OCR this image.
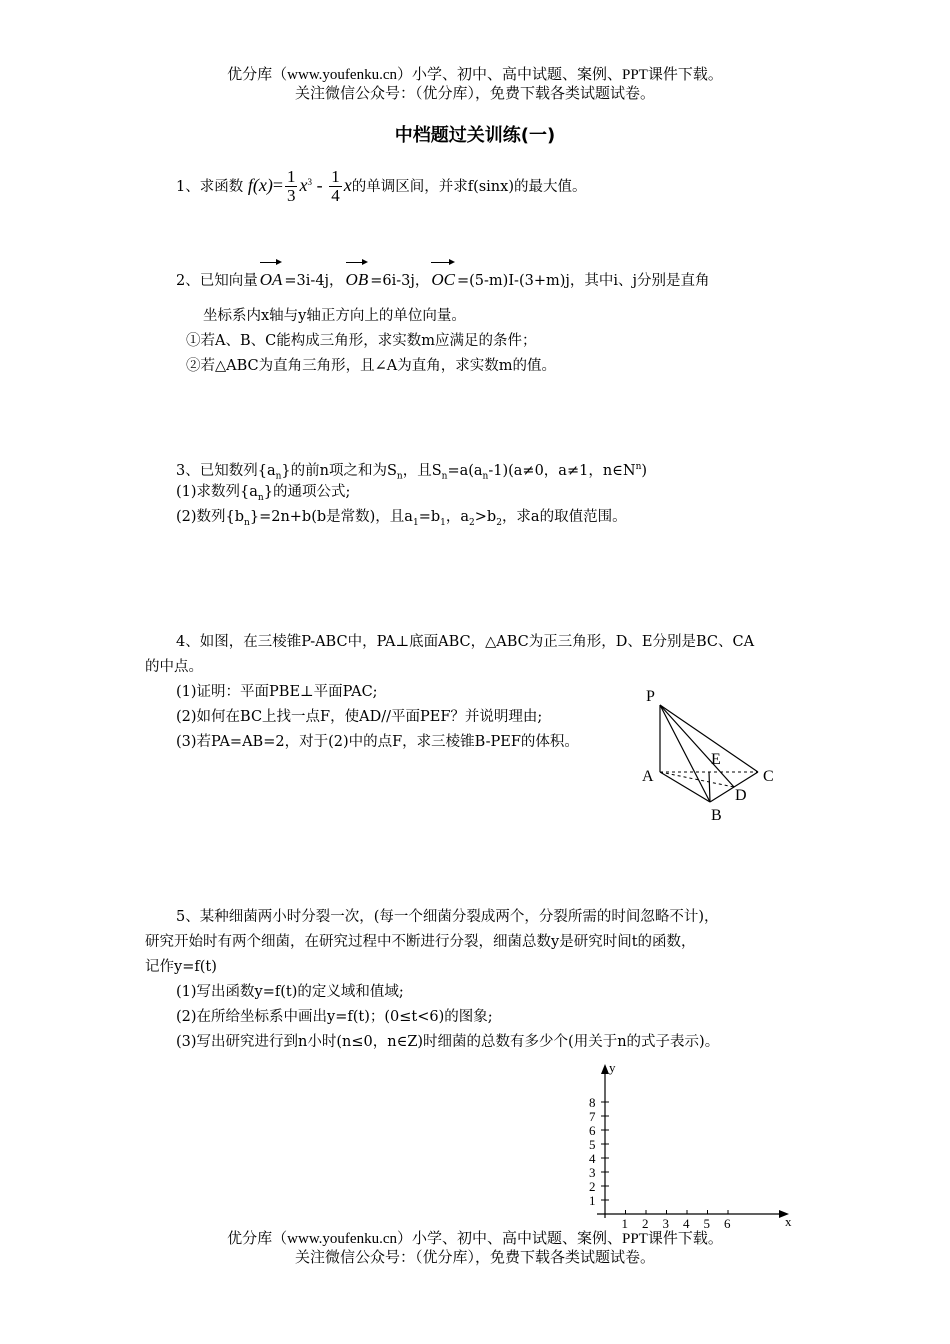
优分库（www.youfenku.cn）小学、初中、高中试题、案例、PPT课件下载。
关注微信公众号：（优分库），免费下载各类试题试卷。
中档题过关训练(一)
1、求函数 $f(x)= \frac{1}{3} x^3 - \frac{1}{4}$ x的单调区间，并求f(sinx)的最大值。
2、已知向量 OA =3i-4j， OB =6i-3j， OC =(5-m)I-(3+m)j，其中i、j分别是直角
坐标系内x轴与y轴正方向上的单位向量。
①若A、B、C能构成三角形，求实数m应满足的条件；
②若△ABC为直角三角形，且∠A为直角，求实数m的值。
3、已知数列$\{a_n\}$的前n项之和为$S_n$，且$S_n=a(a_n-1)(a\ne 0$，a≠1，$n\in N^n$)
(1)求数列$\{a_n\}$的通项公式;
(2)数列$\{b_n\}=2n+b(b$是常数)，且$a_1=b_1$，$a_2>b_2$，求a的取值范围。
4、如图，在三棱锥P-ABC中，PA⊥底面ABC，△ABC为正三角形，D、E分别是BC、CA
的中点。
(1)证明：平面PBE⊥平面PAC;
(2)如何在BC上找一点F，使AD//平面PEF？并说明理由;
(3)若PA=AB=2，对于(2)中的点F，求三棱锥B-PEF的体积。
P
A	C
E
D
B
5、某种细菌两小时分裂一次，(每一个细菌分裂成两个，分裂所需的时间忽略不计)，
研究开始时有两个细菌，在研究过程中不断进行分裂，细菌总数y是研究时间t的函数，
记作y=f(t)
(1)写出函数y=f(t)的定义域和值域;
(2)在所给坐标系中画出y=f(t)；(0≤t<6)的图象;
(3)写出研究进行到n小时(n≤0，n∈Z)时细菌的总数有多少个(用关于n的式子表示)。
y
x
1
2
3
4
5
6
7
8
1 2 3 4 5 6
优分库（www.youfenku.cn）小学、初中、高中试题、案例、PPT课件下载。
关注微信公众号：（优分库），免费下载各类试题试卷。
